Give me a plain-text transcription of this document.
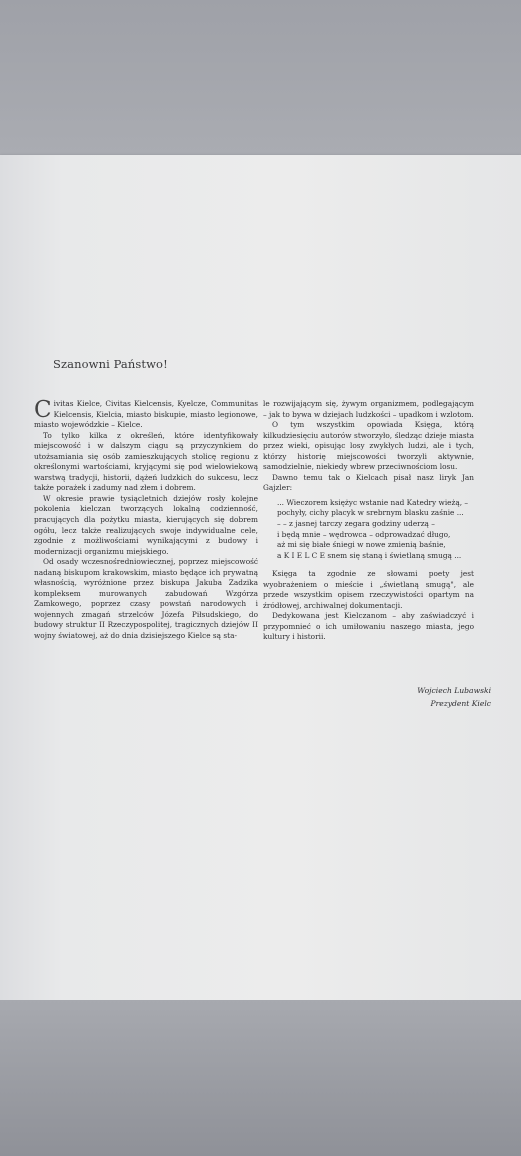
Szanowni Państwo!

Civitas Kielce, Civitas Kielcensis, Kyelcze, Communitas Kielcensis, Kielcia, miasto biskupie, miasto legionowe, miasto wojewódzkie – Kielce.

To tylko kilka z określeń, które identyfikowały miejscowość i w dalszym ciągu są przyczynkiem do utożsamiania się osób zamieszkujących stolicę regionu z określonymi wartościami, kryjącymi się pod wielowiekową warstwą tradycji, historii, dążeń ludzkich do sukcesu, lecz także porażek i zadumy nad złem i dobrem.

W okresie prawie tysiącletnich dziejów rosły kolejne pokolenia kielczan tworzących lokalną codzienność, pracujących dla pożytku miasta, kierujących się dobrem ogółu, lecz także realizujących swoje indywidualne cele, zgodnie z możliwościami wynikającymi z budowy i modernizacji organizmu miejskiego.

Od osady wczesnośredniowiecznej, poprzez miejscowość nadaną biskupom krakowskim, miasto będące ich prywatną własnością, wyróżnione przez biskupa Jakuba Zadzika kompleksem murowanych zabudowań Wzgórza Zamkowego, poprzez czasy powstań narodowych i wojennych zmagań strzelców Józefa Piłsudskiego, do budowy struktur II Rzeczypospolitej, tragicznych dziejów II wojny światowej, aż do dnia dzisiejszego Kielce są sta-

le rozwijającym się, żywym organizmem, podlegającym – jak to bywa w dziejach ludzkości – upadkom i wzlotom.

O tym wszystkim opowiada Księga, którą kilkudziesięciu autorów stworzyło, śledząc dzieje miasta przez wieki, opisując losy zwykłych ludzi, ale i tych, którzy historię miejscowości tworzyli aktywnie, samodzielnie, niekiedy wbrew przeciwnościom losu.

Dawno temu tak o Kielcach pisał nasz liryk Jan Gajzler:

... Wieczorem księżyc wstanie nad Katedry wieżą, –
pochyły, cichy placyk w srebrnym blasku zaśnie ...
– – z jasnej tarczy zegara godziny uderzą –
i będą mnie – wędrowca – odprowadzać długo,
aż mi się białe śniegi w nowe zmienią baśnie,
a K I E L C E snem się staną i świetlaną smugą ...

Księga ta zgodnie ze słowami poety jest wyobrażeniem o mieście i „świetlaną smugą", ale przede wszystkim opisem rzeczywistości opartym na źródłowej, archiwalnej dokumentacji.

Dedykowana jest Kielczanom – aby zaświadczyć i przypomnieć o ich umiłowaniu naszego miasta, jego kultury i historii.

Wojciech Lubawski
Prezydent Kielc
